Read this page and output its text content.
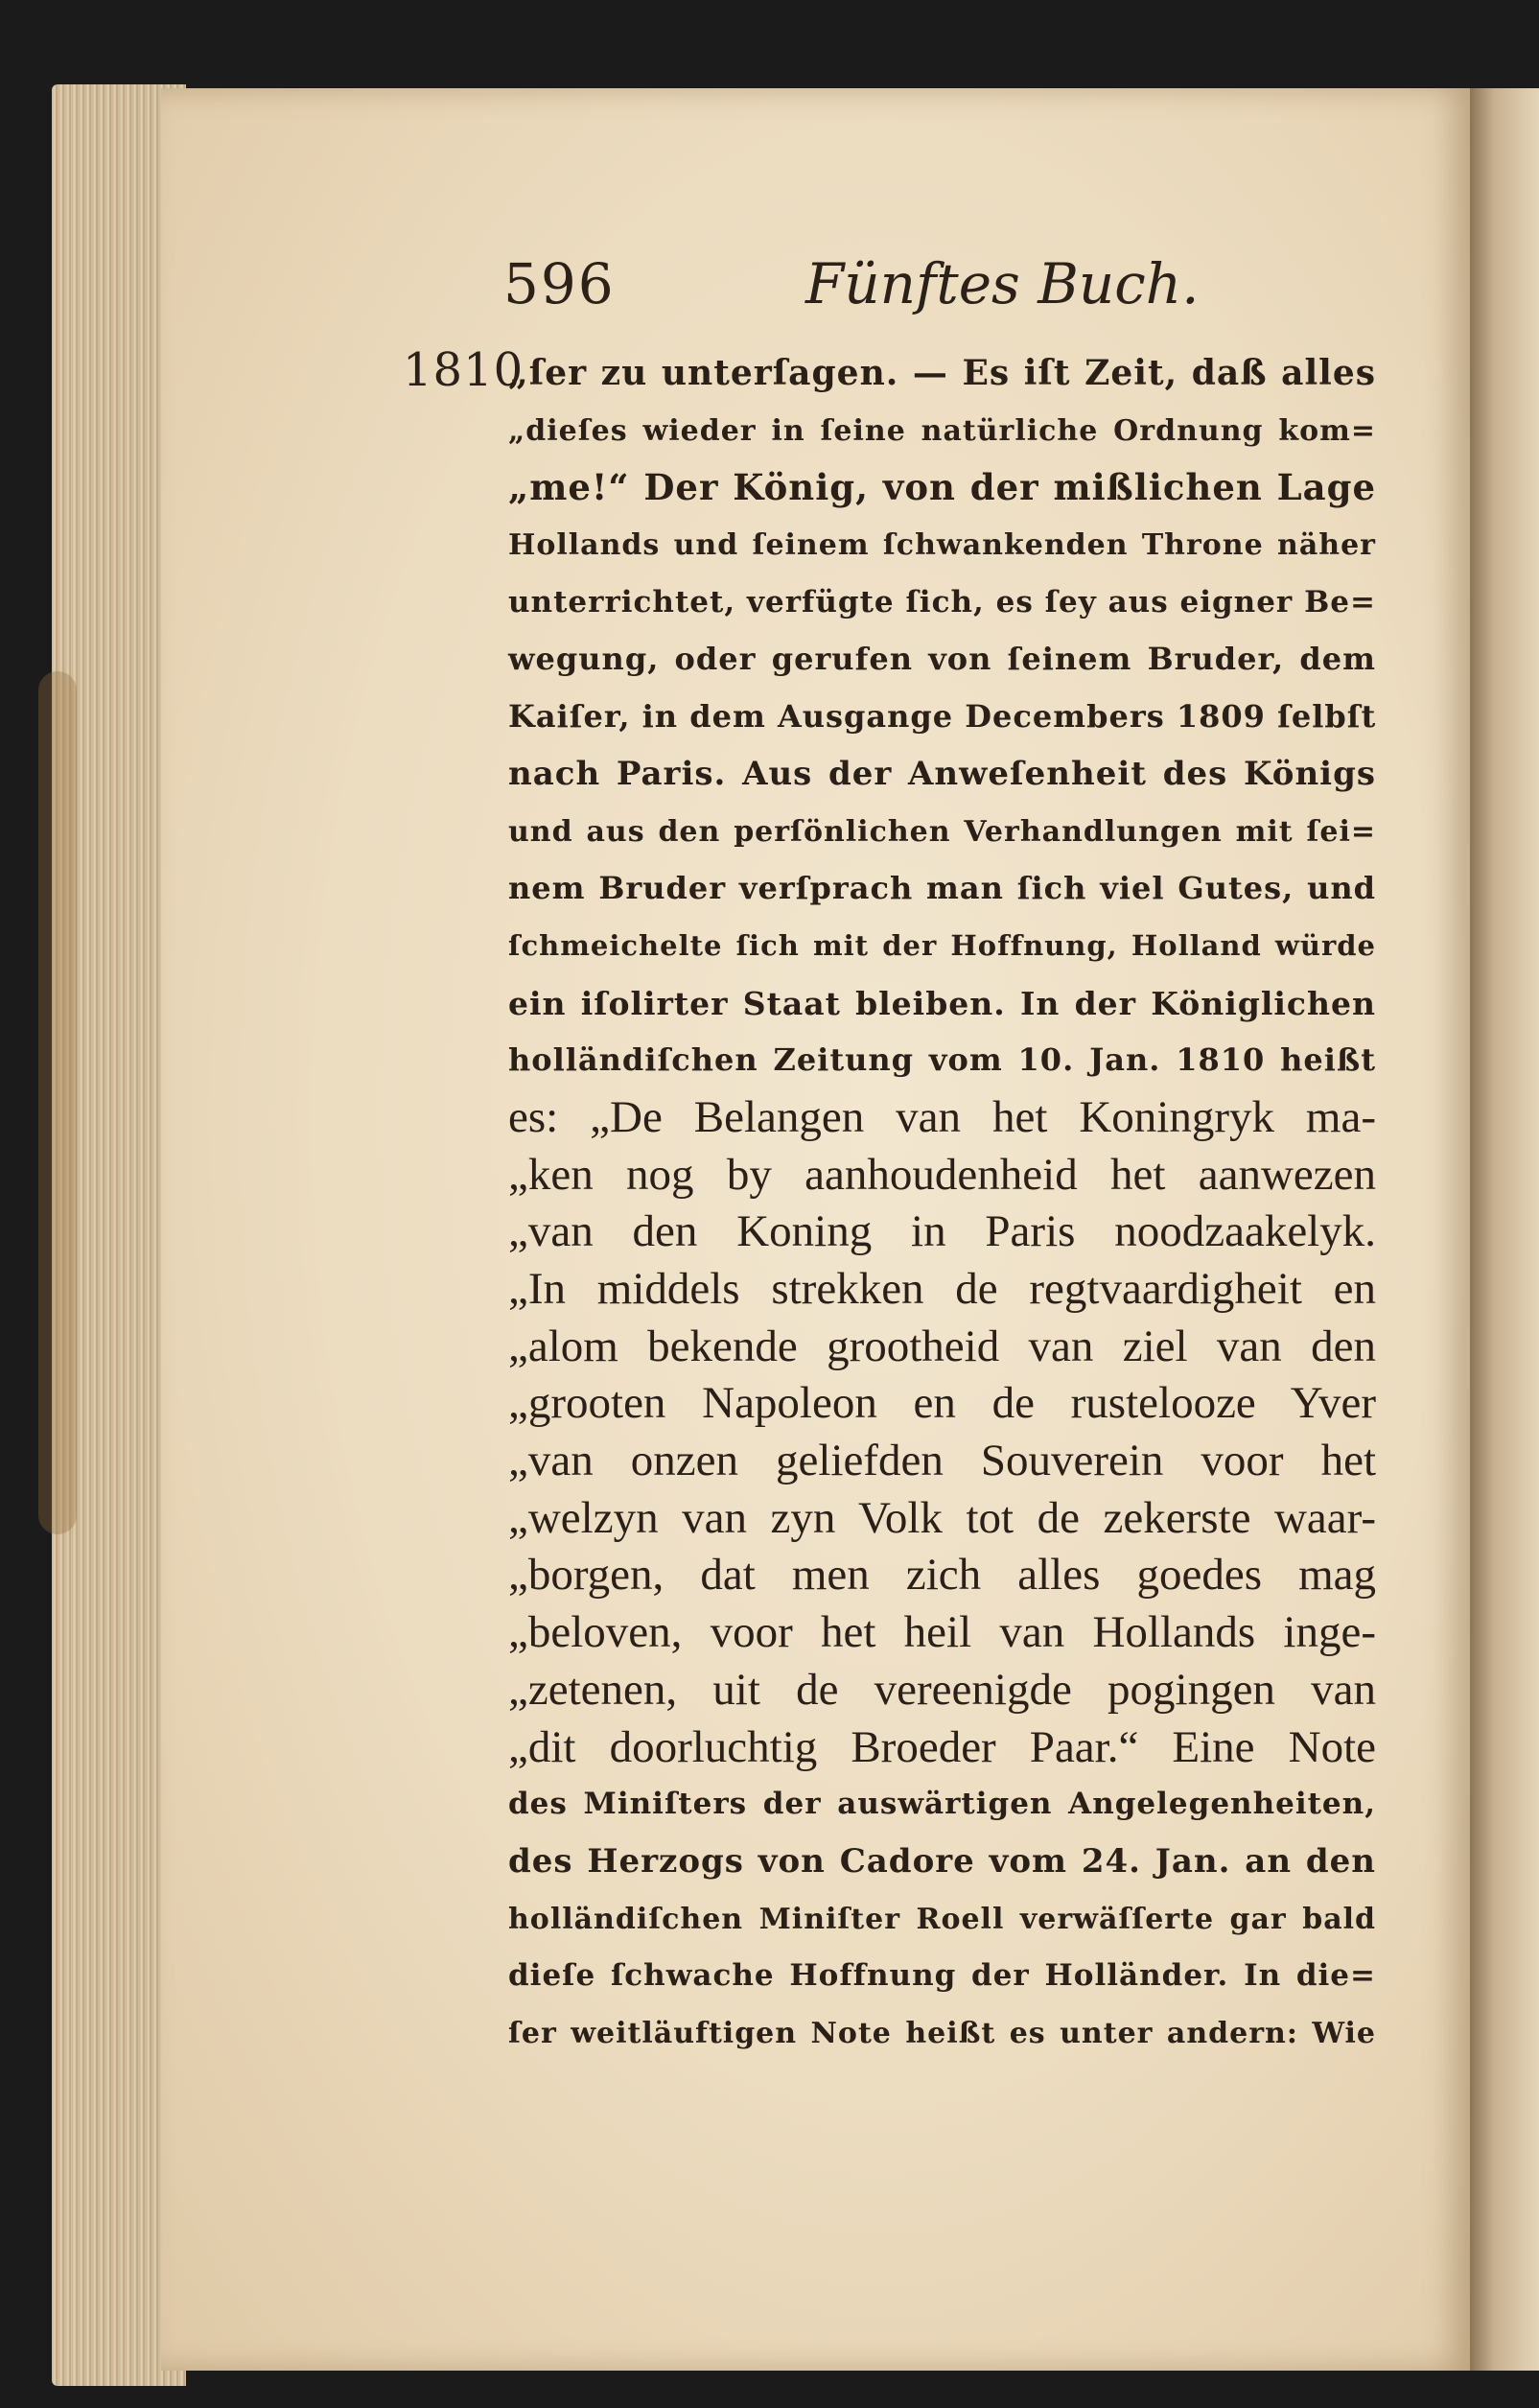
596	Fünftes Buch.
1810
„ſer zu unterſagen. — Es iſt Zeit, daß alles
„dieſes wieder in ſeine natürliche Ordnung kom=
„me!“ Der König, von der mißlichen Lage
Hollands und ſeinem ſchwankenden Throne näher
unterrichtet, verfügte ſich, es ſey aus eigner Be=
wegung, oder gerufen von ſeinem Bruder, dem
Kaiſer, in dem Ausgange Decembers 1809 ſelbſt
nach Paris. Aus der Anweſenheit des Königs
und aus den perſönlichen Verhandlungen mit ſei=
nem Bruder verſprach man ſich viel Gutes, und
ſchmeichelte ſich mit der Hoffnung, Holland würde
ein iſolirter Staat bleiben. In der Königlichen
holländiſchen Zeitung vom 10. Jan. 1810 heißt
es: „De Belangen van het Koningryk ma-
„ken nog by aanhoudenheid het aanwezen
„van den Koning in Paris noodzaakelyk.
„In middels strekken de regtvaardigheit en
„alom bekende grootheid van ziel van den
„grooten Napoleon en de rustelooze Yver
„van onzen geliefden Souverein voor het
„welzyn van zyn Volk tot de zekerste waar-
„borgen, dat men zich alles goedes mag
„beloven, voor het heil van Hollands inge-
„zetenen, uit de vereenigde pogingen van
„dit doorluchtig Broeder Paar.“ Eine Note
des Miniſters der auswärtigen Angelegenheiten,
des Herzogs von Cadore vom 24. Jan. an den
holländiſchen Miniſter Roell verwäſſerte gar bald
dieſe ſchwache Hoffnung der Holländer. In die=
ſer weitläuftigen Note heißt es unter andern: Wie
